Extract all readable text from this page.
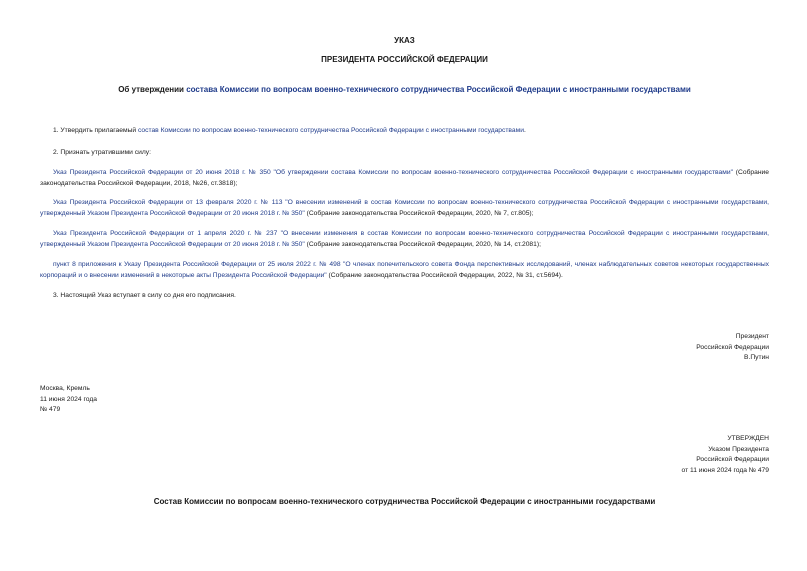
УКАЗ
ПРЕЗИДЕНТА РОССИЙСКОЙ ФЕДЕРАЦИИ
Об утверждении состава Комиссии по вопросам военно-технического сотрудничества Российской Федерации с иностранными государствами
1. Утвердить прилагаемый состав Комиссии по вопросам военно-технического сотрудничества Российской Федерации с иностранными государствами.
2. Признать утратившими силу:
Указ Президента Российской Федерации от 20 июня 2018 г. № 350 "Об утверждении состава Комиссии по вопросам военно-технического сотрудничества Российской Федерации с иностранными государствами" (Собрание законодательства Российской Федерации, 2018, №26, ст.3818);
Указ Президента Российской Федерации от 13 февраля 2020 г. № 113 "О внесении изменений в состав Комиссии по вопросам военно-технического сотрудничества Российской Федерации с иностранными государствами, утвержденный Указом Президента Российской Федерации от 20 июня 2018 г. № 350" (Собрание законодательства Российской Федерации, 2020, № 7, ст.805);
Указ Президента Российской Федерации от 1 апреля 2020 г. № 237 "О внесении изменения в состав Комиссии по вопросам военно-технического сотрудничества Российской Федерации с иностранными государствами, утвержденный Указом Президента Российской Федерации от 20 июня 2018 г. № 350" (Собрание законодательства Российской Федерации, 2020, № 14, ст.2081);
пункт 8 приложения к Указу Президента Российской Федерации от 25 июля 2022 г. № 498 "О членах попечительского совета Фонда перспективных исследований, членах наблюдательных советов некоторых государственных корпораций и о внесении изменений в некоторые акты Президента Российской Федерации" (Собрание законодательства Российской Федерации, 2022, № 31, ст.5694).
3. Настоящий Указ вступает в силу со дня его подписания.
Президент
Российской Федерации
В.Путин
Москва, Кремль
11 июня 2024 года
№ 479
УТВЕРЖДЕН
Указом Президента
Российской Федерации
от 11 июня 2024 года № 479
Состав Комиссии по вопросам военно-технического сотрудничества Российской Федерации с иностранными государствами
